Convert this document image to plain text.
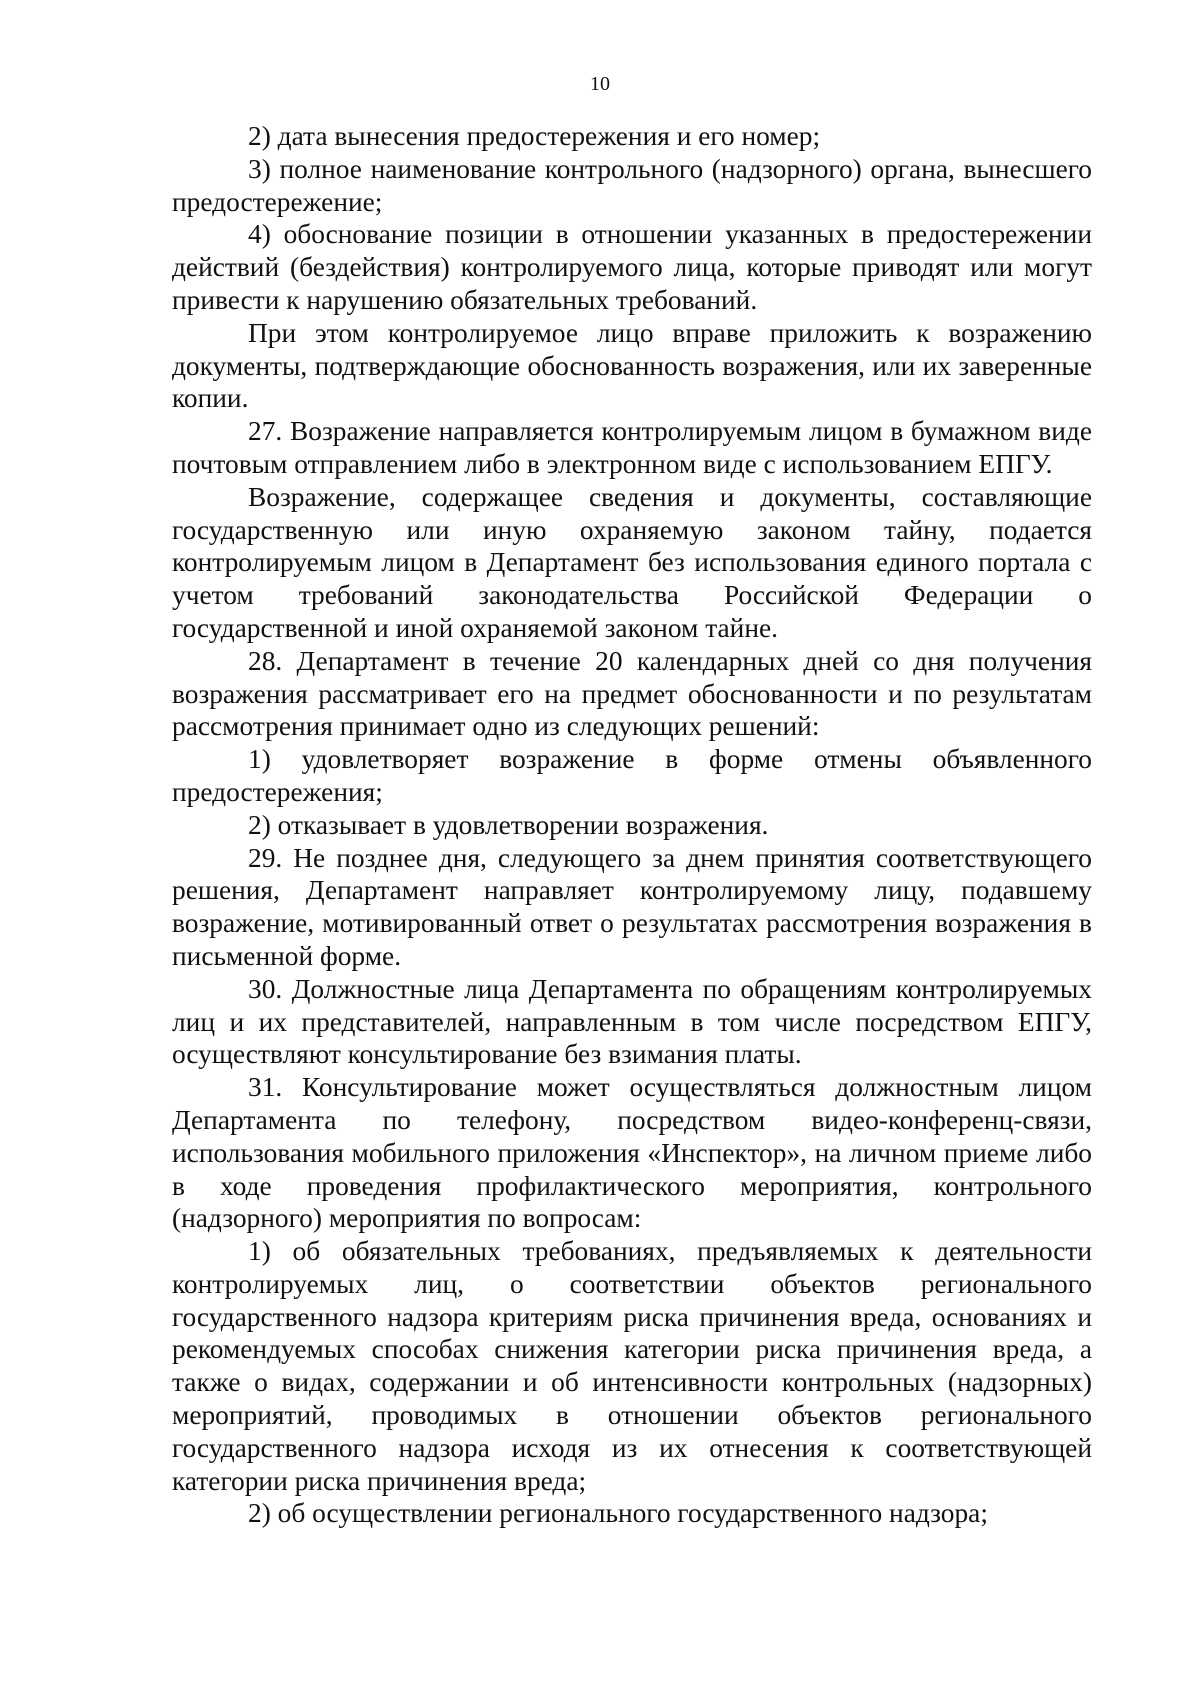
10

2) дата вынесения предостережения и его номер;

3) полное наименование контрольного (надзорного) органа, вынесшего предостережение;

4) обоснование позиции в отношении указанных в предостережении действий (бездействия) контролируемого лица, которые приводят или могут привести к нарушению обязательных требований.

При этом контролируемое лицо вправе приложить к возражению документы, подтверждающие обоснованность возражения, или их заверенные копии.

27. Возражение направляется контролируемым лицом в бумажном виде почтовым отправлением либо в электронном виде с использованием ЕПГУ.

Возражение, содержащее сведения и документы, составляющие государственную или иную охраняемую законом тайну, подается контролируемым лицом в Департамент без использования единого портала с учетом требований законодательства Российской Федерации о государственной и иной охраняемой законом тайне.

28. Департамент в течение 20 календарных дней со дня получения возражения рассматривает его на предмет обоснованности и по результатам рассмотрения принимает одно из следующих решений:

1) удовлетворяет возражение в форме отмены объявленного предостережения;

2) отказывает в удовлетворении возражения.

29. Не позднее дня, следующего за днем принятия соответствующего решения, Департамент направляет контролируемому лицу, подавшему возражение, мотивированный ответ о результатах рассмотрения возражения в письменной форме.

30. Должностные лица Департамента по обращениям контролируемых лиц и их представителей, направленным в том числе посредством ЕПГУ, осуществляют консультирование без взимания платы.

31. Консультирование может осуществляться должностным лицом Департамента по телефону, посредством видео-конференц-связи, использования мобильного приложения «Инспектор», на личном приеме либо в ходе проведения профилактического мероприятия, контрольного (надзорного) мероприятия по вопросам:

1) об обязательных требованиях, предъявляемых к деятельности контролируемых лиц, о соответствии объектов регионального государственного надзора критериям риска причинения вреда, основаниях и рекомендуемых способах снижения категории риска причинения вреда, а также о видах, содержании и об интенсивности контрольных (надзорных) мероприятий, проводимых в отношении объектов регионального государственного надзора исходя из их отнесения к соответствующей категории риска причинения вреда;

2) об осуществлении регионального государственного надзора;
